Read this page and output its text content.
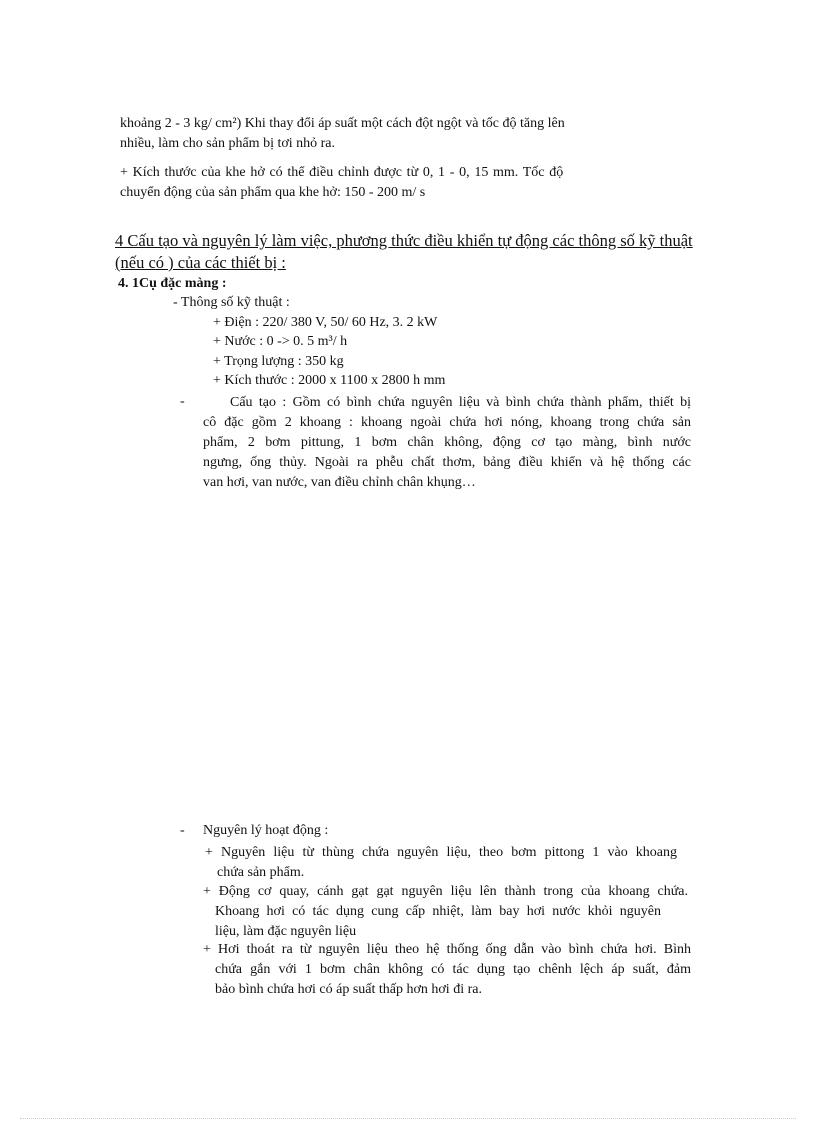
khoảng 2 - 3 kg/ cm²) Khi thay đổi áp suất một cách đột ngột và tốc độ tăng lên
nhiều, làm cho sản phẩm bị tơi nhỏ ra.
+ Kích thước của khe hở có thể điều chỉnh được từ 0, 1 - 0, 15 mm. Tốc độ
chuyển động của sản phẩm qua khe hở: 150 - 200 m/ s
4 Cấu tạo và nguyên lý làm việc, phương thức điều khiển tự động các thông số kỹ thuật (nếu có ) của các thiết bị :
4. 1Cụ đặc màng :
- Thông số kỹ thuật :
+ Điện : 220/ 380 V, 50/ 60 Hz, 3. 2 kW
+ Nước : 0 -> 0. 5 m³/ h
+ Trọng lượng : 350 kg
+ Kích thước : 2000 x 1100 x 2800 h mm
-	Cấu tạo : Gồm có bình chứa nguyên liệu và bình chứa thành phẩm, thiết bị
cô đặc gồm 2 khoang : khoang ngoài chứa hơi nóng, khoang trong chứa sản
phẩm, 2 bơm pittung, 1 bơm chân không, động cơ tạo màng, bình nước
ngưng, ống thủy. Ngoài ra phễu chất thơm, bảng điều khiển và hệ thống các
van hơi, van nước, van điều chỉnh chân khụng…
- Nguyên lý hoạt động :
+ Nguyên liệu từ thùng chứa nguyên liệu, theo bơm pittong 1 vào khoang
chứa sản phẩm.
+ Động cơ quay, cánh gạt gạt nguyên liệu lên thành trong của khoang chứa.
Khoang hơi có tác dụng cung cấp nhiệt, làm bay hơi nước khỏi nguyên
liệu, làm đặc nguyên liệu
+ Hơi thoát ra từ nguyên liệu theo hệ thống ống dẫn vào bình chứa hơi. Bình
chứa gắn với 1 bơm chân không có tác dụng tạo chênh lệch áp suất, đảm
bảo bình chứa hơi có áp suất thấp hơn hơi đi ra.
